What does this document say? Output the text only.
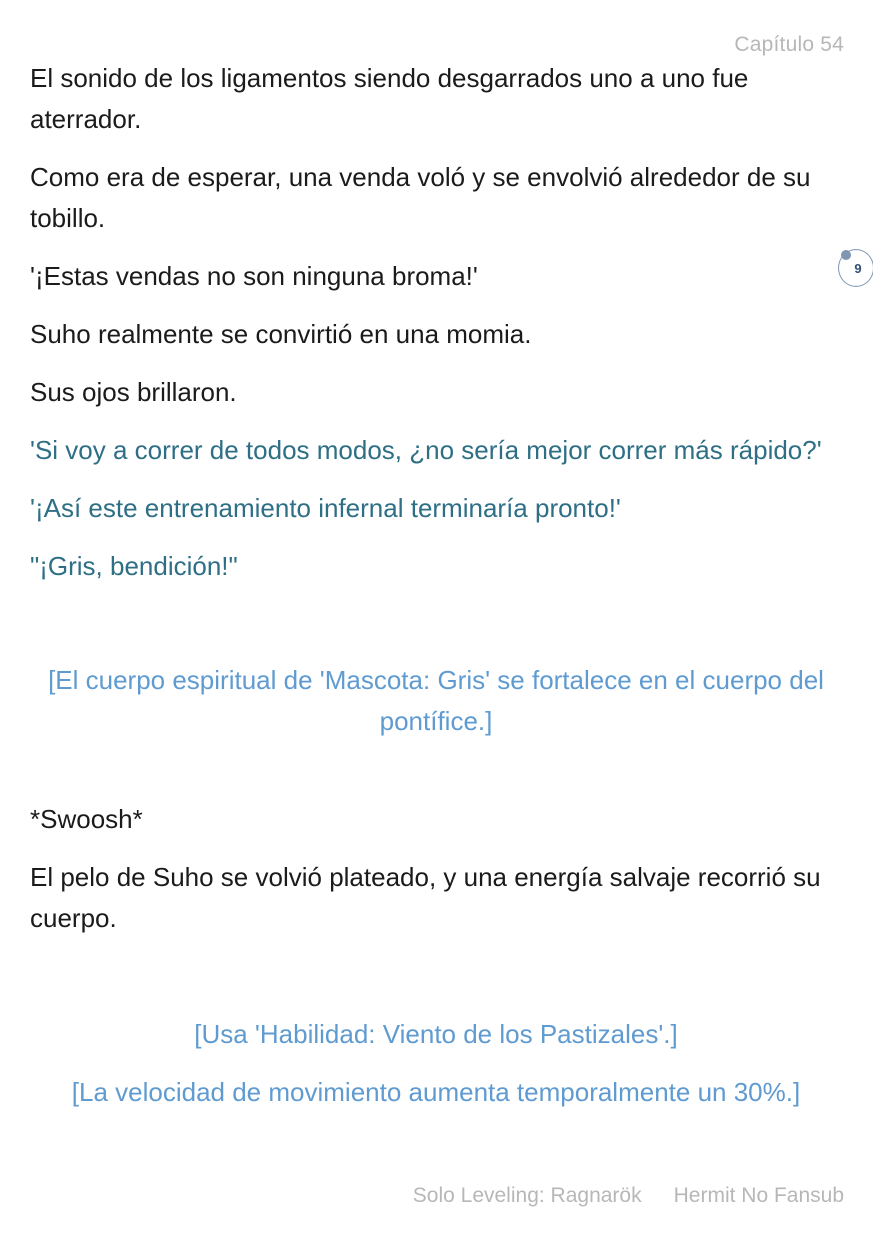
Capítulo 54
9

El sonido de los ligamentos siendo desgarrados uno a uno fue aterrador.

Como era de esperar, una venda voló y se envolvió alrededor de su tobillo.

'¡Estas vendas no son ninguna broma!'

Suho realmente se convirtió en una momia.

Sus ojos brillaron.

'Si voy a correr de todos modos, ¿no sería mejor correr más rápido?'

'¡Así este entrenamiento infernal terminaría pronto!'

"¡Gris, bendición!"

[El cuerpo espiritual de 'Mascota: Gris' se fortalece en el cuerpo del pontífice.]

*Swoosh*

El pelo de Suho se volvió plateado, y una energía salvaje recorrió su cuerpo.

[Usa 'Habilidad: Viento de los Pastizales'.]

[La velocidad de movimiento aumenta temporalmente un 30%.]

Solo Leveling: Ragnarök Hermit No Fansub
